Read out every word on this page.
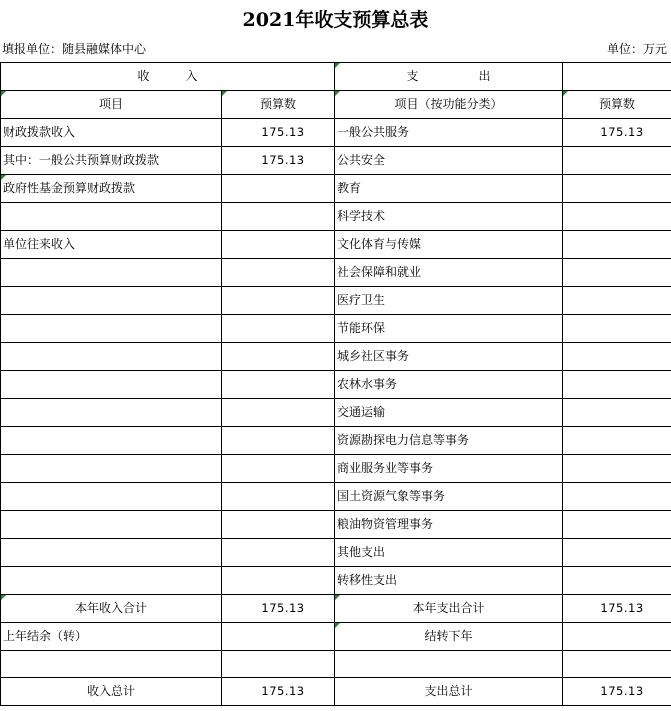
2021年收支预算总表
填报单位：随县融媒体中心	单位：万元
收　　　入		支　　　　　出	
项目	预算数	项目（按功能分类）	预算数
财政拨款收入	175.13	一般公共服务	175.13
其中：一般公共预算财政拨款	175.13	公共安全	
政府性基金预算财政拨款		教育	
		科学技术	
单位往来收入		文化体育与传媒	
		社会保障和就业	
		医疗卫生	
		节能环保	
		城乡社区事务	
		农林水事务	
		交通运输	
		资源勘探电力信息等事务	
		商业服务业等事务	
		国土资源气象等事务	
		粮油物资管理事务	
		其他支出	
		转移性支出	
本年收入合计	175.13	本年支出合计	175.13
上年结余（转）		结转下年	

收入总计	175.13	支出总计	175.13
